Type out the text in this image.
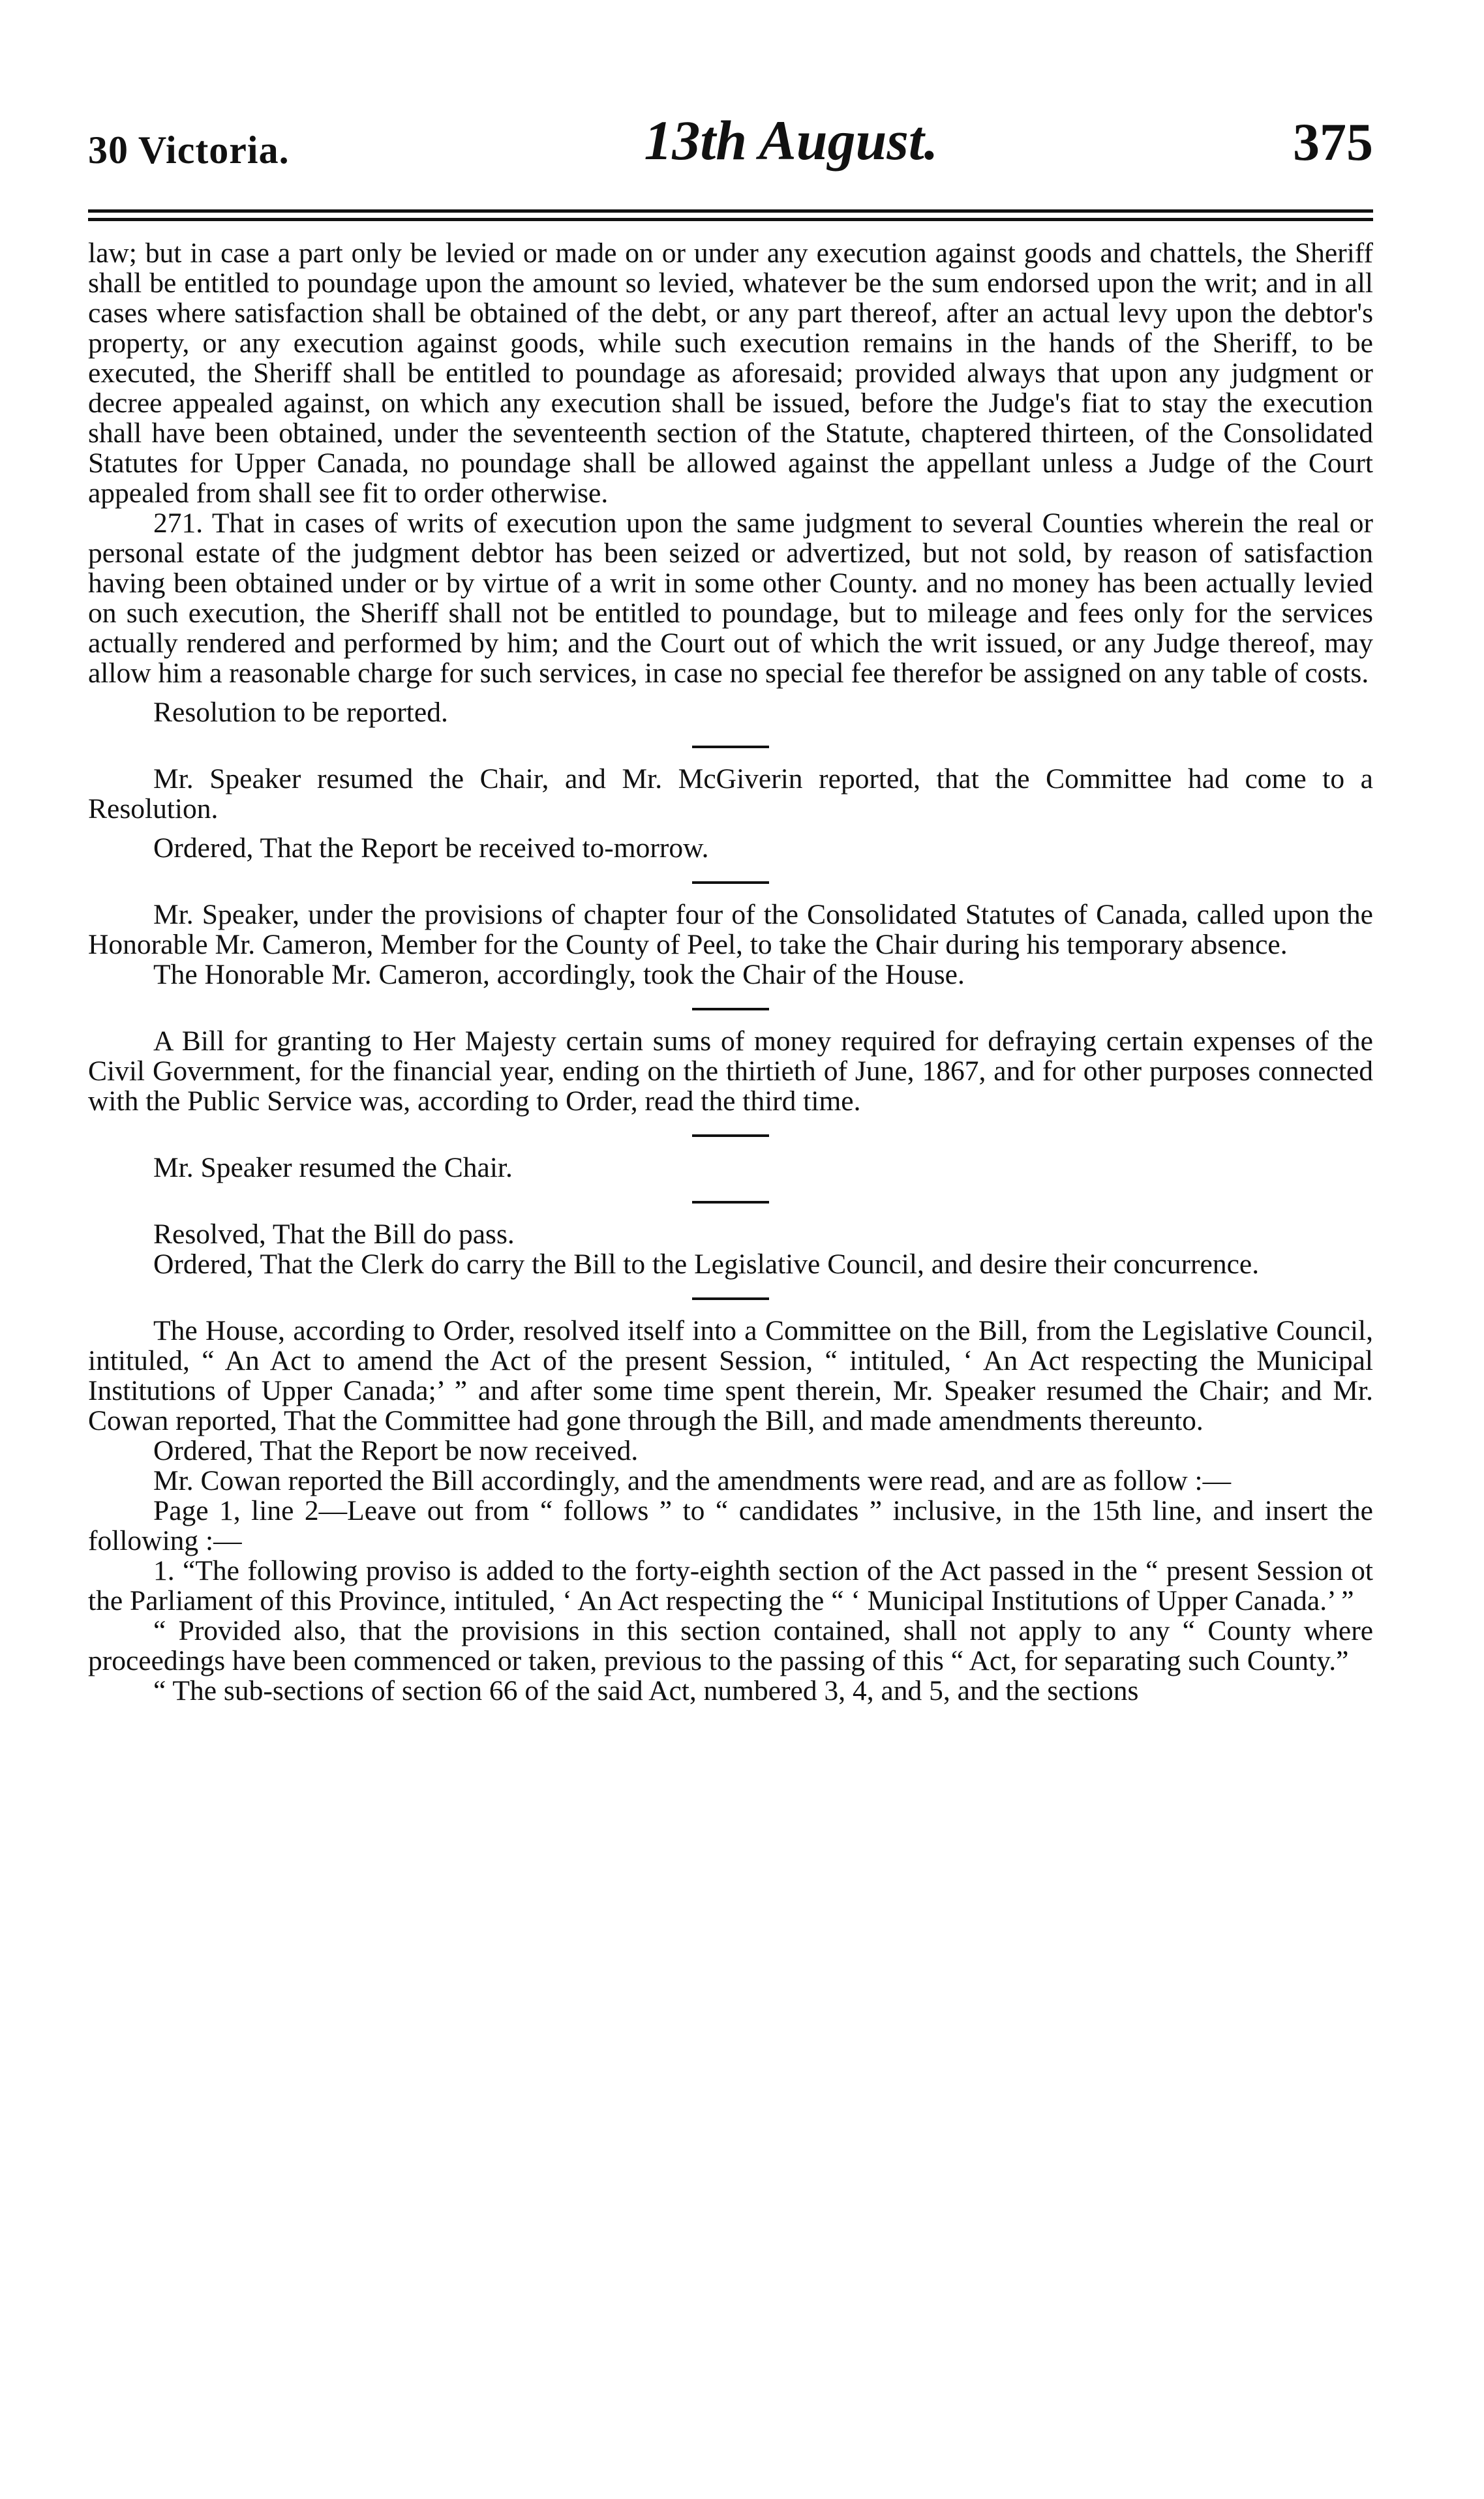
30 Victoria.	13th August.	375

law; but in case a part only be levied or made on or under any execution against goods and chattels, the Sheriff shall be entitled to poundage upon the amount so levied, whatever be the sum endorsed upon the writ; and in all cases where satisfaction shall be obtained of the debt, or any part thereof, after an actual levy upon the debtor's property, or any execution against goods, while such execution remains in the hands of the Sheriff, to be executed, the Sheriff shall be entitled to poundage as aforesaid; provided always that upon any judgment or decree appealed against, on which any execution shall be issued, before the Judge's fiat to stay the execution shall have been obtained, under the seventeenth section of the Statute, chaptered thirteen, of the Consolidated Statutes for Upper Canada, no poundage shall be allowed against the appellant unless a Judge of the Court appealed from shall see fit to order otherwise.

271. That in cases of writs of execution upon the same judgment to several Counties wherein the real or personal estate of the judgment debtor has been seized or advertized, but not sold, by reason of satisfaction having been obtained under or by virtue of a writ in some other County. and no money has been actually levied on such execution, the Sheriff shall not be entitled to poundage, but to mileage and fees only for the services actually rendered and performed by him; and the Court out of which the writ issued, or any Judge thereof, may allow him a reasonable charge for such services, in case no special fee therefor be assigned on any table of costs.

Resolution to be reported.

Mr. Speaker resumed the Chair, and Mr. McGiverin reported, that the Committee had come to a Resolution.

Ordered, That the Report be received to-morrow.

Mr. Speaker, under the provisions of chapter four of the Consolidated Statutes of Canada, called upon the Honorable Mr. Cameron, Member for the County of Peel, to take the Chair during his temporary absence.

The Honorable Mr. Cameron, accordingly, took the Chair of the House.

A Bill for granting to Her Majesty certain sums of money required for defraying certain expenses of the Civil Government, for the financial year, ending on the thirtieth of June, 1867, and for other purposes connected with the Public Service was, according to Order, read the third time.

Mr. Speaker resumed the Chair.

Resolved, That the Bill do pass.

Ordered, That the Clerk do carry the Bill to the Legislative Council, and desire their concurrence.

The House, according to Order, resolved itself into a Committee on the Bill, from the Legislative Council, intituled, “ An Act to amend the Act of the present Session, “ intituled, ‘ An Act respecting the Municipal Institutions of Upper Canada;’ ” and after some time spent therein, Mr. Speaker resumed the Chair; and Mr. Cowan reported, That the Committee had gone through the Bill, and made amendments thereunto.

Ordered, That the Report be now received.

Mr. Cowan reported the Bill accordingly, and the amendments were read, and are as follow :—

Page 1, line 2—Leave out from “ follows ” to “ candidates ” inclusive, in the 15th line, and insert the following :—

1. “The following proviso is added to the forty-eighth section of the Act passed in the “ present Session ot the Parliament of this Province, intituled, ‘ An Act respecting the “ ‘ Municipal Institutions of Upper Canada.’ ”

“ Provided also, that the provisions in this section contained, shall not apply to any “ County where proceedings have been commenced or taken, previous to the passing of this “ Act, for separating such County.”

“ The sub-sections of section 66 of the said Act, numbered 3, 4, and 5, and the sections
